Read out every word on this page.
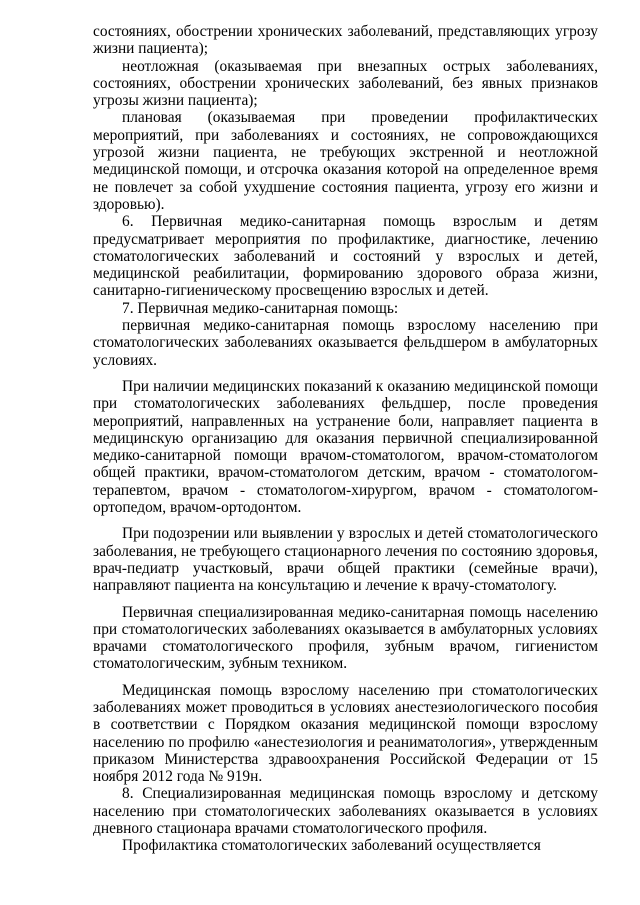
состояниях, обострении хронических заболеваний, представляющих угрозу жизни пациента);

неотложная (оказываемая при внезапных острых заболеваниях, состояниях, обострении хронических заболеваний, без явных признаков угрозы жизни пациента);

плановая (оказываемая при проведении профилактических мероприятий, при заболеваниях и состояниях, не сопровождающихся угрозой жизни пациента, не требующих экстренной и неотложной медицинской помощи, и отсрочка оказания которой на определенное время не повлечет за собой ухудшение состояния пациента, угрозу его жизни и здоровью).

6. Первичная медико-санитарная помощь взрослым и детям предусматривает мероприятия по профилактике, диагностике, лечению стоматологических заболеваний и состояний у взрослых и детей, медицинской реабилитации, формированию здорового образа жизни, санитарно-гигиеническому просвещению взрослых и детей.

7. Первичная медико-санитарная помощь:

первичная медико-санитарная помощь взрослому населению при стоматологических заболеваниях оказывается фельдшером в амбулаторных условиях.

При наличии медицинских показаний к оказанию медицинской помощи при стоматологических заболеваниях фельдшер, после проведения мероприятий, направленных на устранение боли, направляет пациента в медицинскую организацию для оказания первичной специализированной медико-санитарной помощи врачом-стоматологом, врачом-стоматологом общей практики, врачом-стоматологом детским, врачом - стоматологом-терапевтом, врачом - стоматологом-хирургом, врачом - стоматологом-ортопедом, врачом-ортодонтом.

При подозрении или выявлении у взрослых и детей стоматологического заболевания, не требующего стационарного лечения по состоянию здоровья, врач-педиатр участковый, врачи общей практики (семейные врачи), направляют пациента на консультацию и лечение к врачу-стоматологу.

Первичная специализированная медико-санитарная помощь населению при стоматологических заболеваниях оказывается в амбулаторных условиях врачами стоматологического профиля, зубным врачом, гигиенистом стоматологическим, зубным техником.

Медицинская помощь взрослому населению при стоматологических заболеваниях может проводиться в условиях анестезиологического пособия в соответствии с Порядком оказания медицинской помощи взрослому населению по профилю «анестезиология и реаниматология», утвержденным приказом Министерства здравоохранения Российской Федерации от 15 ноября 2012 года № 919н.

8. Специализированная медицинская помощь взрослому и детскому населению при стоматологических заболеваниях оказывается в условиях дневного стационара врачами стоматологического профиля.

Профилактика стоматологических заболеваний осуществляется
